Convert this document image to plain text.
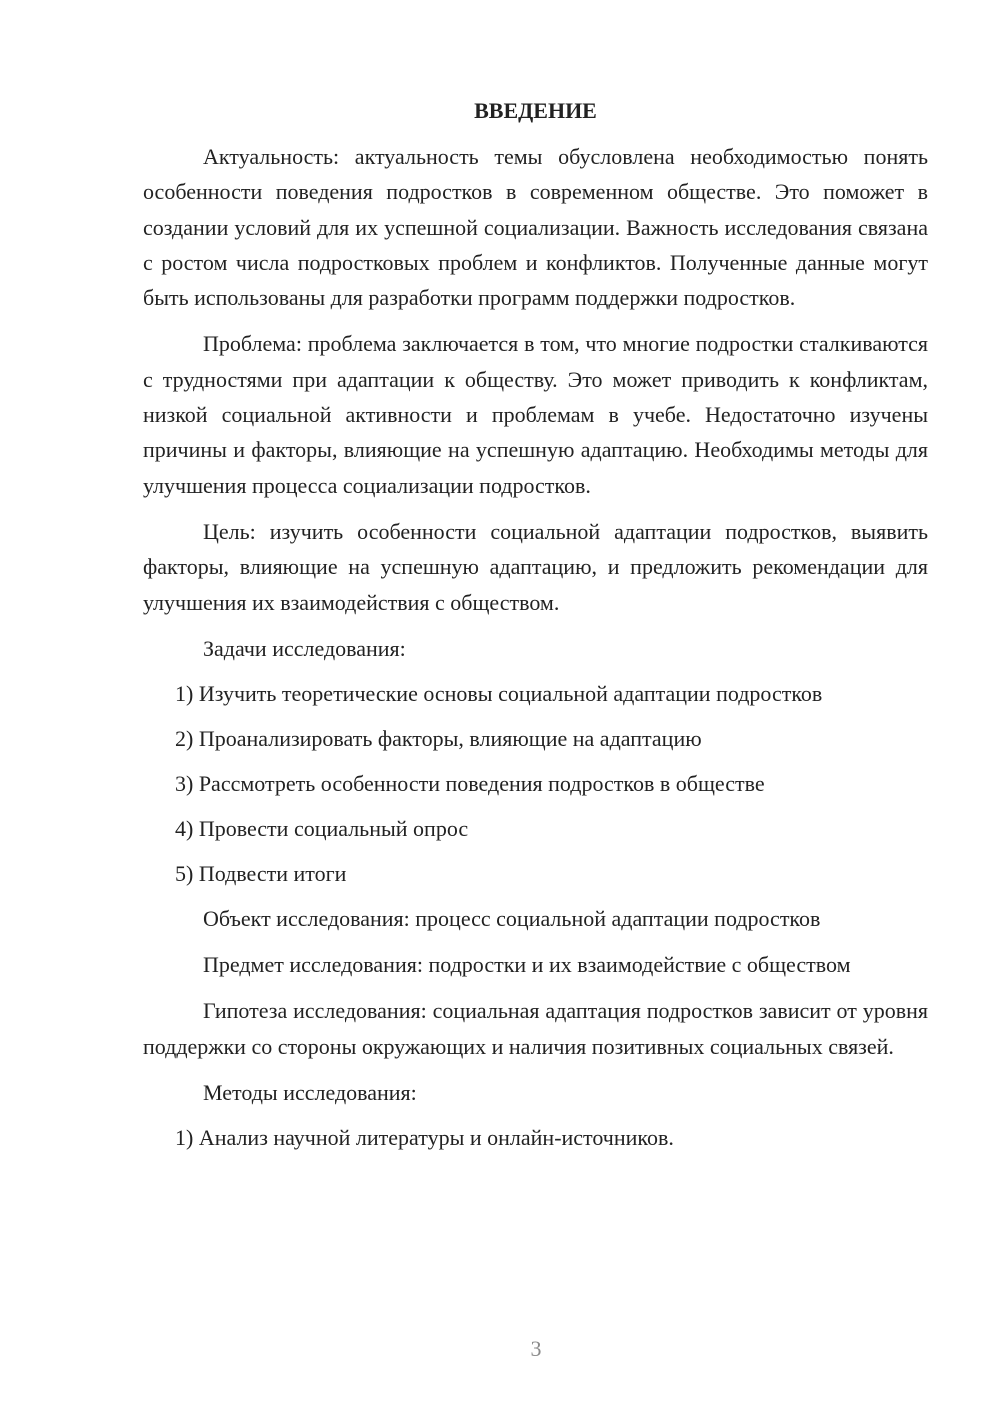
ВВЕДЕНИЕ

Актуальность: актуальность темы обусловлена необходимостью понять особенности поведения подростков в современном обществе. Это поможет в создании условий для их успешной социализации. Важность исследования связана с ростом числа подростковых проблем и конфликтов. Полученные данные могут быть использованы для разработки программ поддержки подростков.

Проблема: проблема заключается в том, что многие подростки сталкиваются с трудностями при адаптации к обществу. Это может приводить к конфликтам, низкой социальной активности и проблемам в учебе. Недостаточно изучены причины и факторы, влияющие на успешную адаптацию. Необходимы методы для улучшения процесса социализации подростков.

Цель: изучить особенности социальной адаптации подростков, выявить факторы, влияющие на успешную адаптацию, и предложить рекомендации для улучшения их взаимодействия с обществом.

Задачи исследования:
1) Изучить теоретические основы социальной адаптации подростков
2) Проанализировать факторы, влияющие на адаптацию
3) Рассмотреть особенности поведения подростков в обществе
4) Провести социальный опрос
5) Подвести итоги

Объект исследования: процесс социальной адаптации подростков

Предмет исследования: подростки и их взаимодействие с обществом

Гипотеза исследования: социальная адаптация подростков зависит от уровня поддержки со стороны окружающих и наличия позитивных социальных связей.

Методы исследования:
1) Анализ научной литературы и онлайн-источников.
3
